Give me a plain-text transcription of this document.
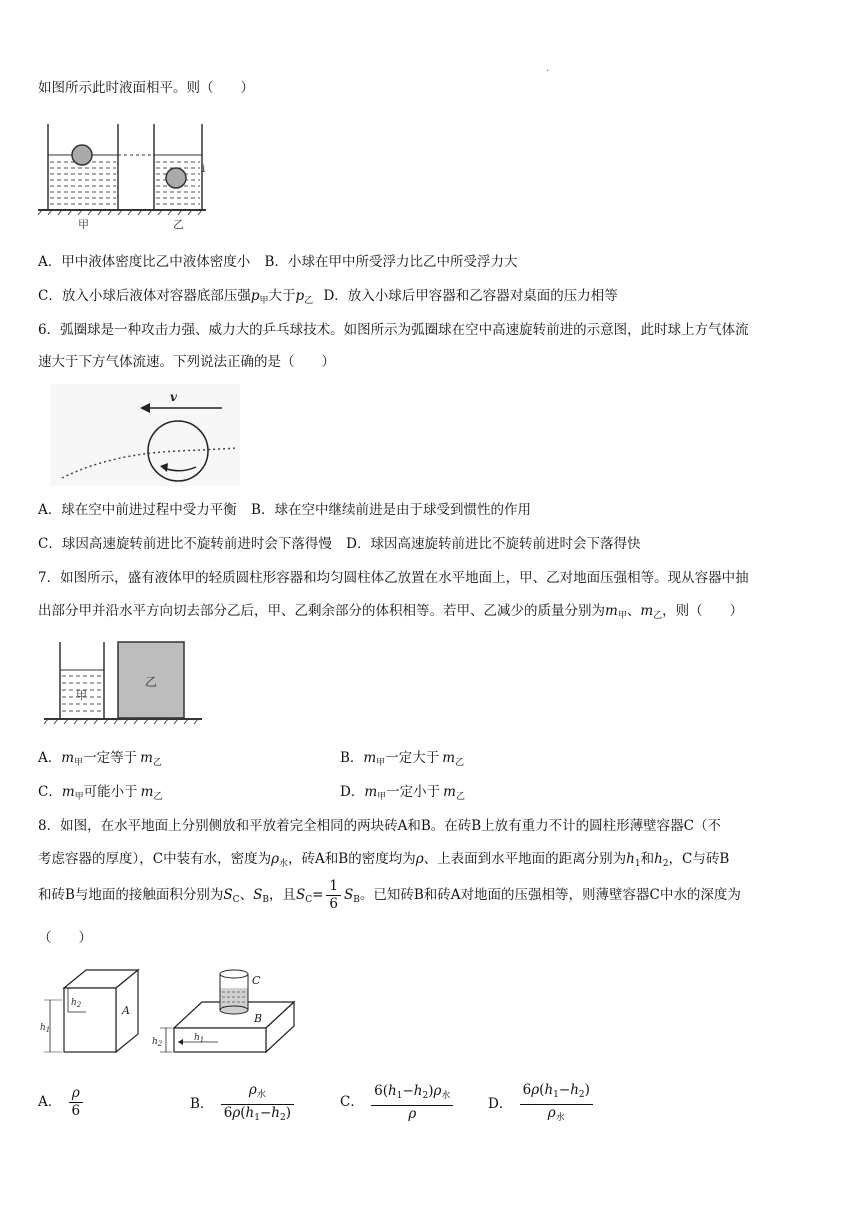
·
如图所示此时液面相平。则（　　）
i
甲	乙
A．甲中液体密度比乙中液体密度小 B．小球在甲中所受浮力比乙中所受浮力大
C．放入小球后液体对容器底部压强$p_甲$大于$p_乙$ D．放入小球后甲容器和乙容器对桌面的压力相等
6．弧圈球是一种攻击力强、威力大的乒乓球技术。如图所示为弧圈球在空中高速旋转前进的示意图，此时球上方气体流
速大于下方气体流速。下列说法正确的是（　　）
v
A．球在空中前进过程中受力平衡 B．球在空中继续前进是由于球受到惯性的作用
C．球因高速旋转前进比不旋转前进时会下落得慢 D．球因高速旋转前进比不旋转前进时会下落得快
7．如图所示，盛有液体甲的轻质圆柱形容器和均匀圆柱体乙放置在水平地面上，甲、乙对地面压强相等。现从容器中抽
出部分甲并沿水平方向切去部分乙后，甲、乙剩余部分的体积相等。若甲、乙减少的质量分别为$m_甲$、$m_乙$，则（　　）
甲
乙
A．$m_甲$一定等于 $m_乙$	B．$m_甲$一定大于 $m_乙$
C．$m_甲$可能小于 $m_乙$	D．$m_甲$一定小于 $m_乙$
8．如图，在水平地面上分别侧放和平放着完全相同的两块砖A和B。在砖B上放有重力不计的圆柱形薄壁容器C（不
考虑容器的厚度），C中装有水，密度为$\rho_水$，砖A和B的密度均为ρ、上表面到水平地面的距离分别为$h_1$和$h_2$，C与砖B
和砖B与地面的接触面积分别为$S_C$、$S_B$，且$S_C= \frac{1}{6} S_B$。已知砖B和砖A对地面的压强相等，则薄壁容器C中水的深度为
（　　）
A
$h_2$
$h_1$
B
$h_1$
$h_2$
C
A． $\frac{\rho}{6}$	B． $\frac{\rho_水}{6\rho(h_1-h_2)}$	C． $\frac{6(h_1-h_2)\rho_水}{\rho}$	D． $\frac{6\rho(h_1-h_2)}{\rho_水}$
